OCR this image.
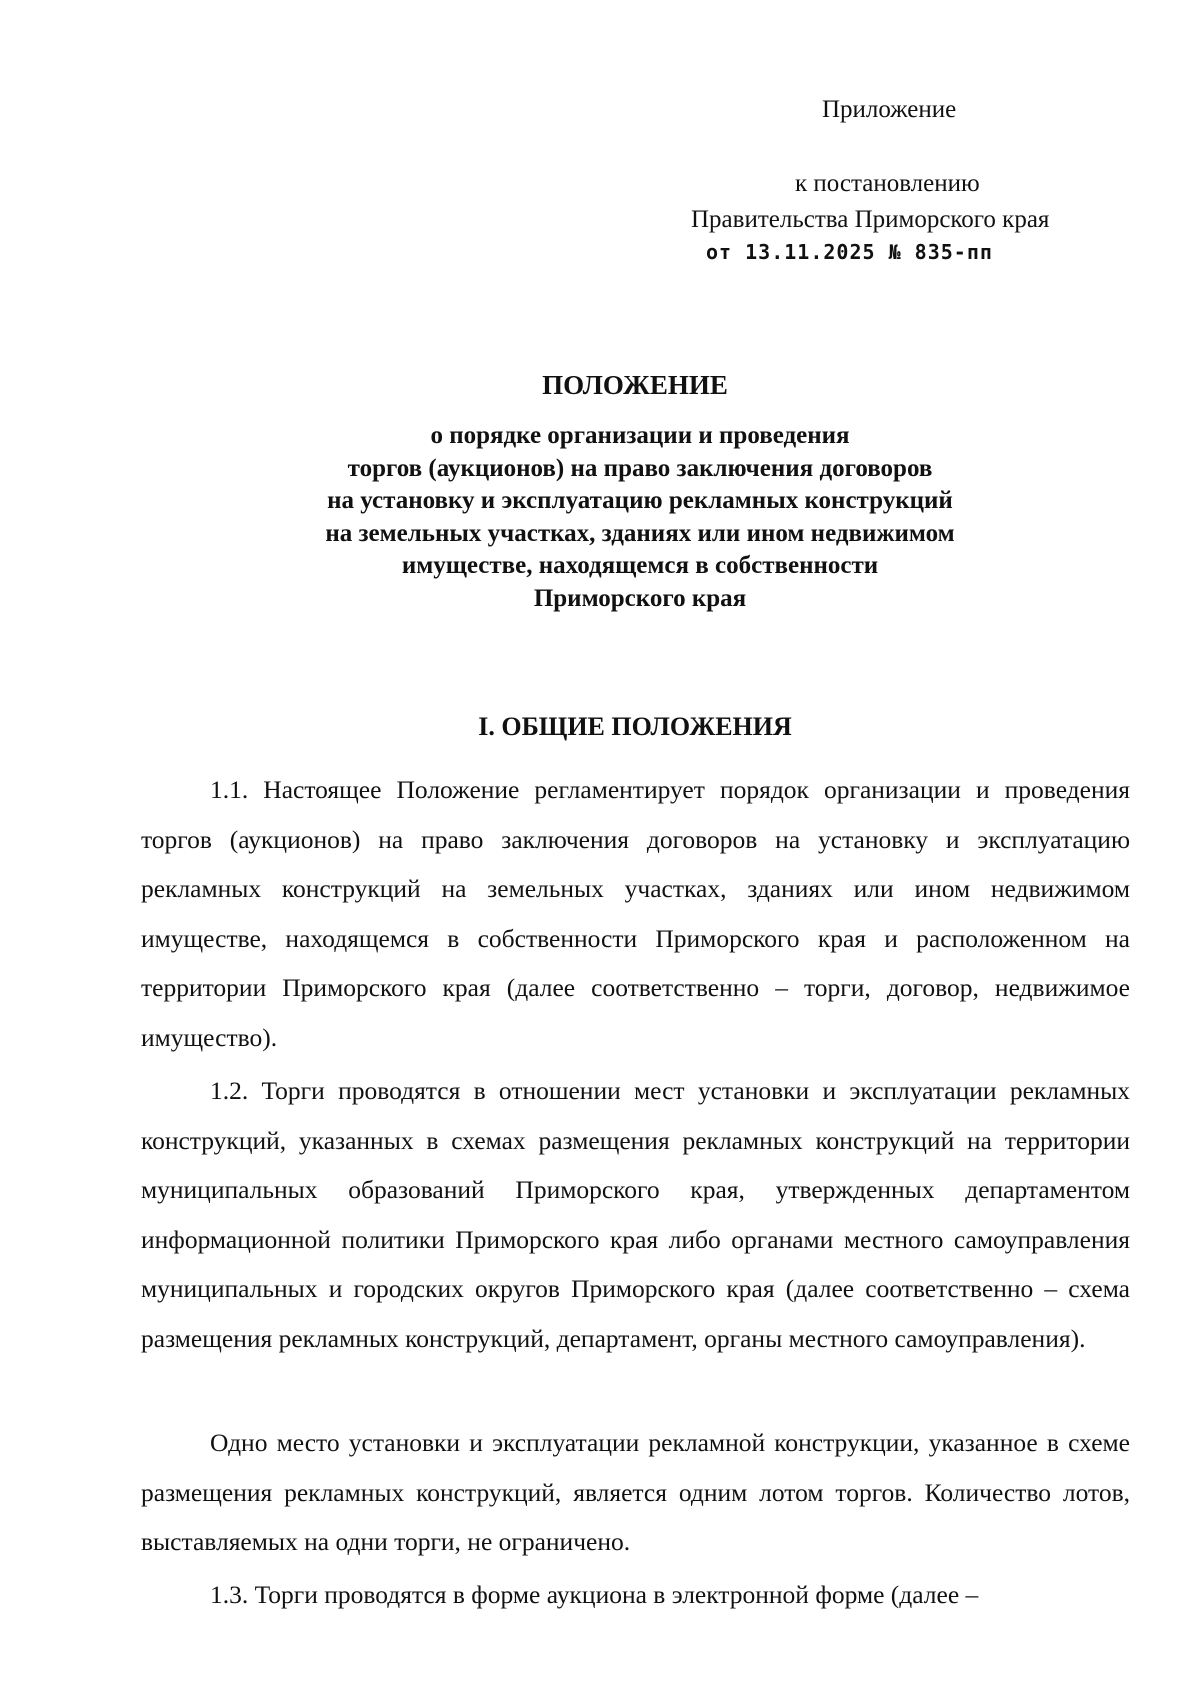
Приложение
к постановлению
Правительства Приморского края
от 13.11.2025 № 835-пп
ПОЛОЖЕНИЕ
о порядке организации и проведения
торгов (аукционов) на право заключения договоров
на установку и эксплуатацию рекламных конструкций
на земельных участках, зданиях или ином недвижимом
имуществе, находящемся в собственности
Приморского края
I. ОБЩИЕ ПОЛОЖЕНИЯ

1.1. Настоящее Положение регламентирует порядок организации и проведения торгов (аукционов) на право заключения договоров на установку и эксплуатацию рекламных конструкций на земельных участках, зданиях или ином недвижимом имуществе, находящемся в собственности Приморского края и расположенном на территории Приморского края (далее соответственно – торги, договор, недвижимое имущество).

1.2. Торги проводятся в отношении мест установки и эксплуатации рекламных конструкций, указанных в схемах размещения рекламных конструкций на территории муниципальных образований Приморского края, утвержденных департаментом информационной политики Приморского края либо органами местного самоуправления муниципальных и городских округов Приморского края (далее соответственно – схема размещения рекламных конструкций, департамент, органы местного самоуправления).

Одно место установки и эксплуатации рекламной конструкции, указанное в схеме размещения рекламных конструкций, является одним лотом торгов. Количество лотов, выставляемых на одни торги, не ограничено.

1.3. Торги проводятся в форме аукциона в электронной форме (далее –
